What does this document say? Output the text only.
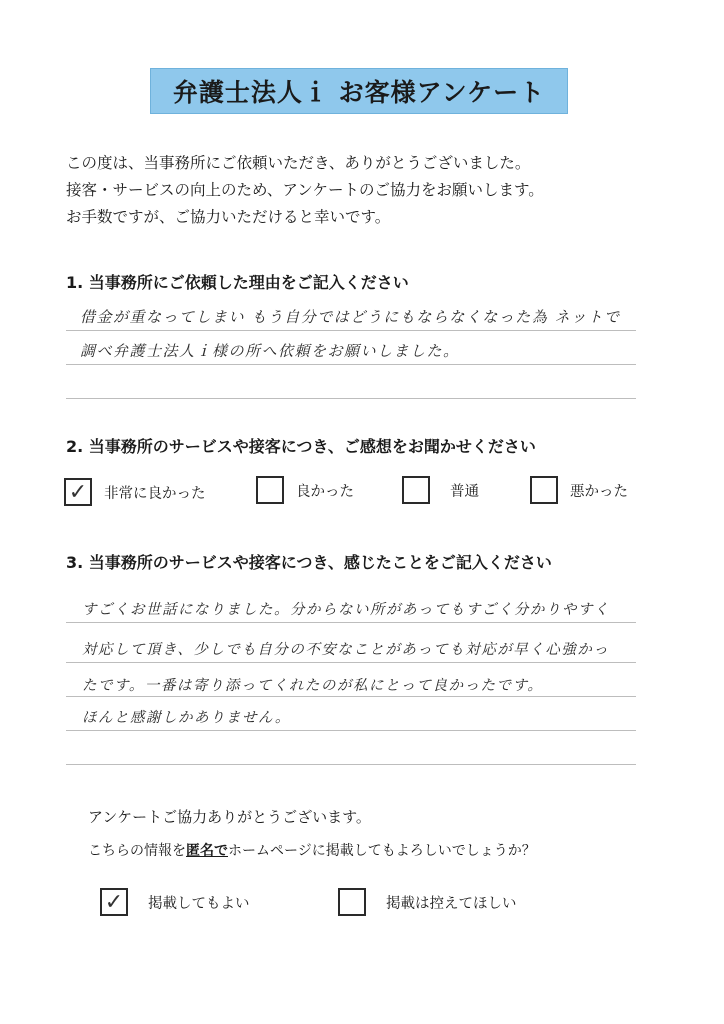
弁護士法人ｉ お客様アンケート
この度は、当事務所にご依頼いただき、ありがとうございました。
接客・サービスの向上のため、アンケートのご協力をお願いします。
お手数ですが、ご協力いただけると幸いです。
1. 当事務所にご依頼した理由をご記入ください
借金が重なってしまい もう自分ではどうにもならなくなった為 ネットで
調べ弁護士法人ｉ様の所へ依頼をお願いしました。
2. 当事務所のサービスや接客につき、ご感想をお聞かせください
✓	非常に良かった	良かった	普通	悪かった
3. 当事務所のサービスや接客につき、感じたことをご記入ください
すごくお世話になりました。分からない所があってもすごく分かりやすく
対応して頂き、少しでも自分の不安なことがあっても対応が早く心強かっ
たです。一番は寄り添ってくれたのが私にとって良かったです。
ほんと感謝しかありません。
アンケートご協力ありがとうございます。
こちらの情報を匿名でホームページに掲載してもよろしいでしょうか？
✓	掲載してもよい	掲載は控えてほしい
